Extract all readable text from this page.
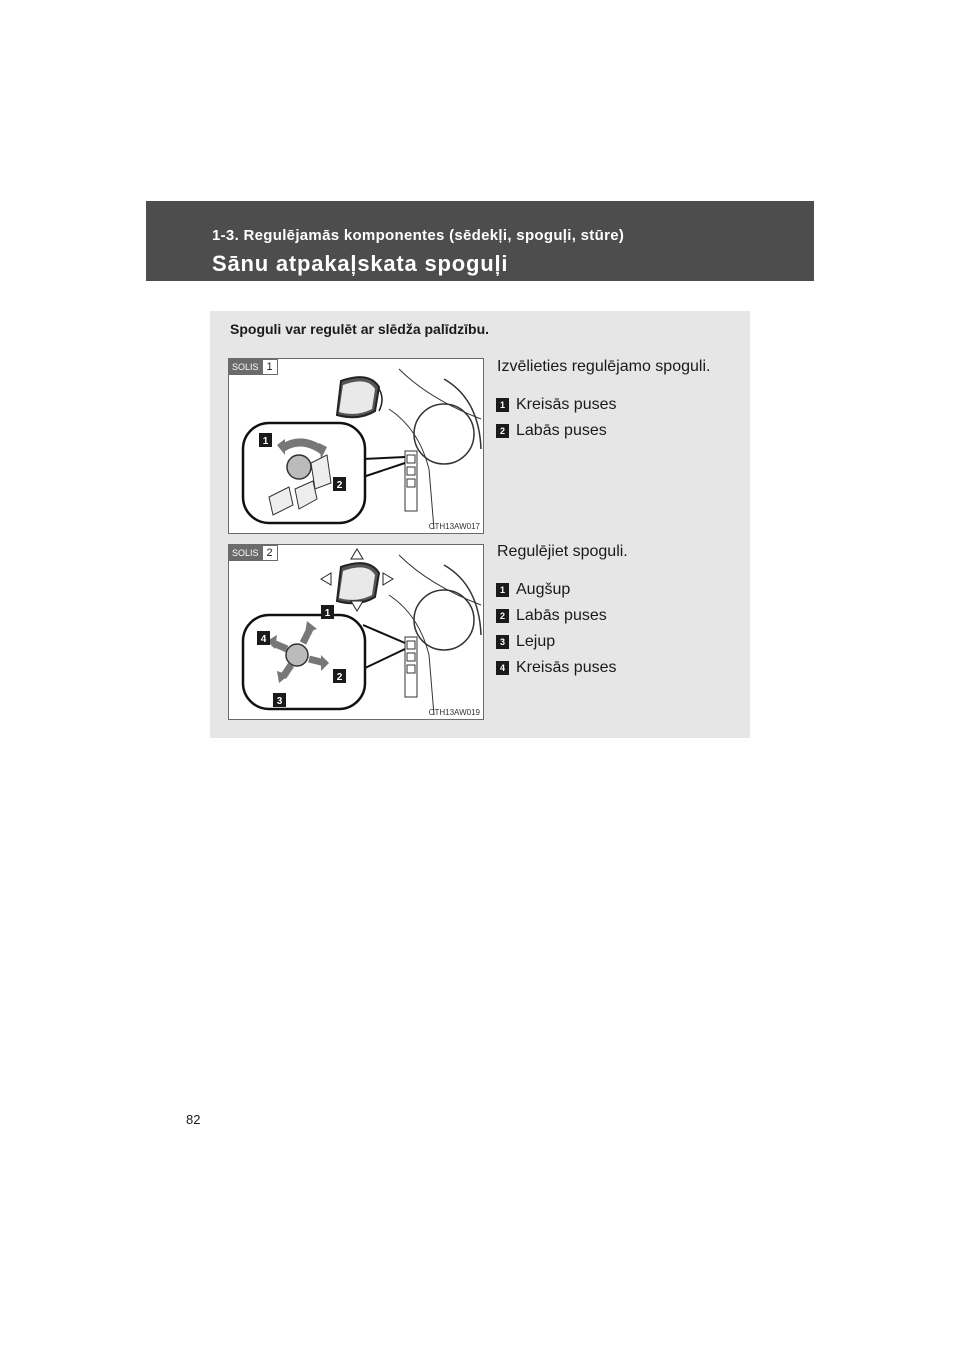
1-3. Regulējamās komponentes (sēdekļi, spoguļi, stūre)
Sānu atpakaļskata spoguļi
Spoguli var regulēt ar slēdža palīdzību.
1
2
SOLIS 1
CTH13AW017
Izvēlieties regulējamo spoguli.
1 Kreisās puses
2 Labās puses
1
2
3
4
SOLIS 2
CTH13AW019
Regulējiet spoguli.
1 Augšup
2 Labās puses
3 Lejup
4 Kreisās puses
82
